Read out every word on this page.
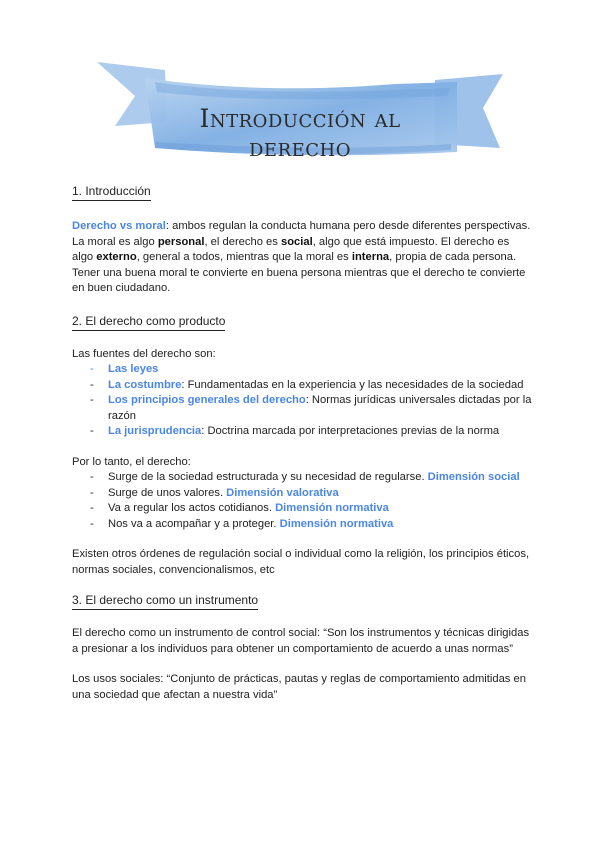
Introducción al derecho
1. Introducción

Derecho vs moral: ambos regulan la conducta humana pero desde diferentes perspectivas. La moral es algo personal, el derecho es social, algo que está impuesto. El derecho es algo externo, general a todos, mientras que la moral es interna, propia de cada persona. Tener una buena moral te convierte en buena persona mientras que el derecho te convierte en buen ciudadano.

2. El derecho como producto

Las fuentes del derecho son:

- Las leyes
- La costumbre: Fundamentadas en la experiencia y las necesidades de la sociedad
- Los principios generales del derecho: Normas jurídicas universales dictadas por la razón
- La jurisprudencia: Doctrina marcada por interpretaciones previas de la norma

Por lo tanto, el derecho:

- Surge de la sociedad estructurada y su necesidad de regularse. Dimensión social
- Surge de unos valores. Dimensión valorativa
- Va a regular los actos cotidianos. Dimensión normativa
- Nos va a acompañar y a proteger. Dimensión normativa

Existen otros órdenes de regulación social o individual como la religión, los principios éticos, normas sociales, convencionalismos, etc

3. El derecho como un instrumento

El derecho como un instrumento de control social: “Son los instrumentos y técnicas dirigidas a presionar a los individuos para obtener un comportamiento de acuerdo a unas normas”

Los usos sociales: “Conjunto de prácticas, pautas y reglas de comportamiento admitidas en una sociedad que afectan a nuestra vida”
